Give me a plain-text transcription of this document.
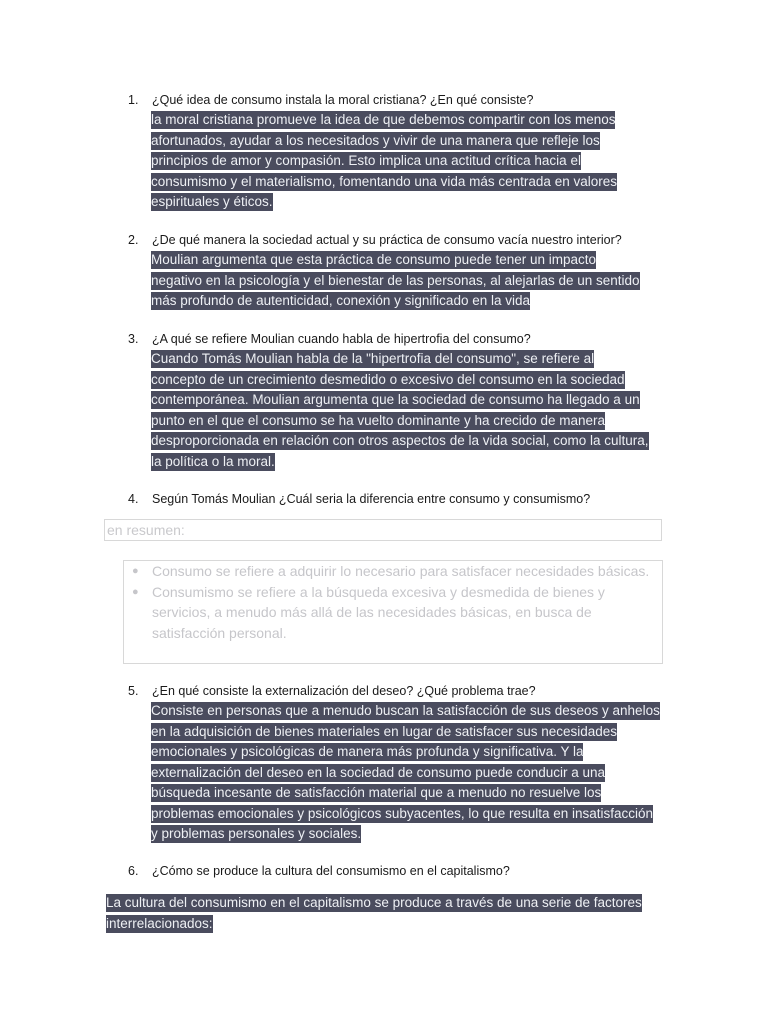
1. ¿Qué idea de consumo instala la moral cristiana? ¿En qué consiste?
la moral cristiana promueve la idea de que debemos compartir con los menos
afortunados, ayudar a los necesitados y vivir de una manera que refleje los
principios de amor y compasión. Esto implica una actitud crítica hacia el
consumismo y el materialismo, fomentando una vida más centrada en valores
espirituales y éticos.
2. ¿De qué manera la sociedad actual y su práctica de consumo vacía nuestro interior?
Moulian argumenta que esta práctica de consumo puede tener un impacto
negativo en la psicología y el bienestar de las personas, al alejarlas de un sentido
más profundo de autenticidad, conexión y significado en la vida
3. ¿A qué se refiere Moulian cuando habla de hipertrofia del consumo?
Cuando Tomás Moulian habla de la "hipertrofia del consumo", se refiere al
concepto de un crecimiento desmedido o excesivo del consumo en la sociedad
contemporánea. Moulian argumenta que la sociedad de consumo ha llegado a un
punto en el que el consumo se ha vuelto dominante y ha crecido de manera
desproporcionada en relación con otros aspectos de la vida social, como la cultura,
la política o la moral.
4. Según Tomás Moulian ¿Cuál seria la diferencia entre consumo y consumismo?
en resumen:
● Consumo se refiere a adquirir lo necesario para satisfacer necesidades básicas.
● Consumismo se refiere a la búsqueda excesiva y desmedida de bienes y servicios, a menudo más allá de las necesidades básicas, en busca de satisfacción personal.
5. ¿En qué consiste la externalización del deseo? ¿Qué problema trae?
Consiste en personas que a menudo buscan la satisfacción de sus deseos y anhelos
en la adquisición de bienes materiales en lugar de satisfacer sus necesidades
emocionales y psicológicas de manera más profunda y significativa. Y la
externalización del deseo en la sociedad de consumo puede conducir a una
búsqueda incesante de satisfacción material que a menudo no resuelve los
problemas emocionales y psicológicos subyacentes, lo que resulta en insatisfacción
y problemas personales y sociales.
6. ¿Cómo se produce la cultura del consumismo en el capitalismo?
La cultura del consumismo en el capitalismo se produce a través de una serie de factores
interrelacionados:
